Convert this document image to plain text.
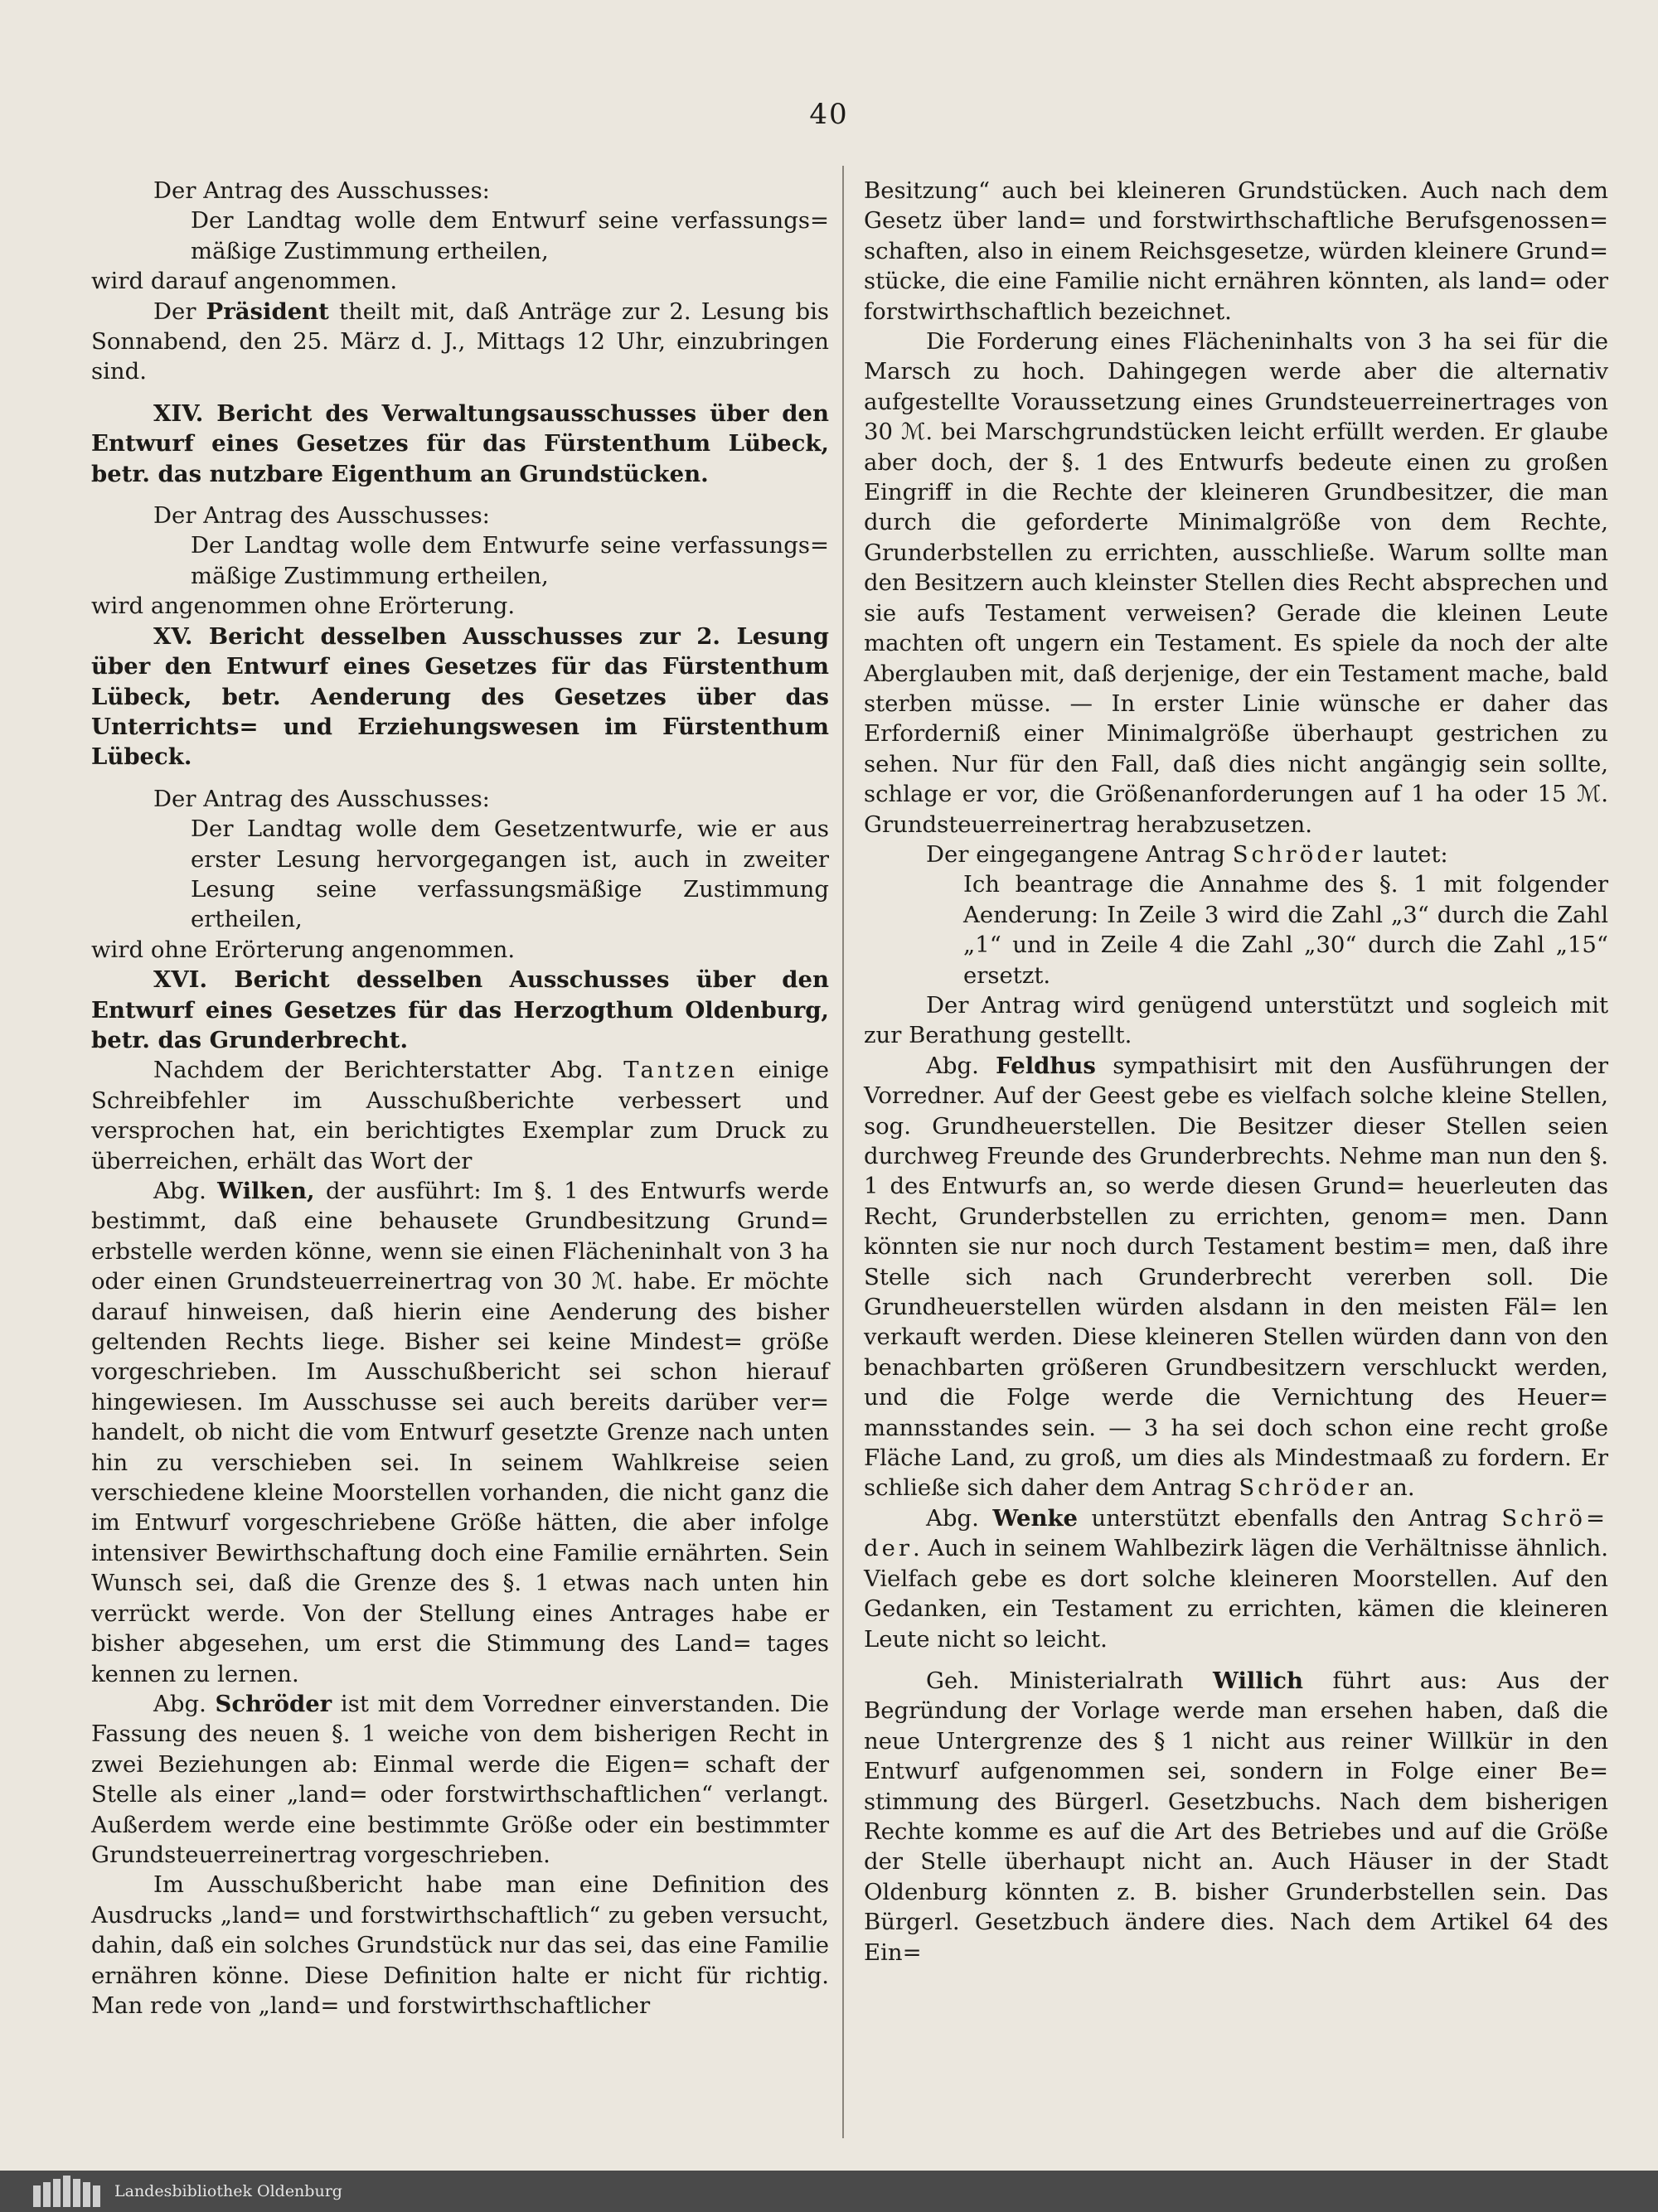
40

Der Antrag des Ausschusses:

Der Landtag wolle dem Entwurf seine verfassungs= mäßige Zustimmung ertheilen,

wird darauf angenommen.

Der Präsident theilt mit, daß Anträge zur 2. Lesung bis Sonnabend, den 25. März d. J., Mittags 12 Uhr, einzubringen sind.

XIV. Bericht des Verwaltungsausschusses über den Entwurf eines Gesetzes für das Fürstenthum Lübeck, betr. das nutzbare Eigenthum an Grundstücken.

Der Antrag des Ausschusses:

Der Landtag wolle dem Entwurfe seine verfassungs= mäßige Zustimmung ertheilen,

wird angenommen ohne Erörterung.

XV. Bericht desselben Ausschusses zur 2. Lesung über den Entwurf eines Gesetzes für das Fürstenthum Lübeck, betr. Aenderung des Gesetzes über das Unterrichts= und Erziehungswesen im Fürstenthum Lübeck.

Der Antrag des Ausschusses:

Der Landtag wolle dem Gesetzentwurfe, wie er aus erster Lesung hervorgegangen ist, auch in zweiter Lesung seine verfassungsmäßige Zustimmung ertheilen,

wird ohne Erörterung angenommen.

XVI. Bericht desselben Ausschusses über den Entwurf eines Gesetzes für das Herzogthum Oldenburg, betr. das Grunderbrecht.

Nachdem der Berichterstatter Abg. Tantzen einige Schreibfehler im Ausschußberichte verbessert und versprochen hat, ein berichtigtes Exemplar zum Druck zu überreichen, erhält das Wort der

Abg. Wilken, der ausführt: Im §. 1 des Entwurfs werde bestimmt, daß eine behausete Grundbesitzung Grund= erbstelle werden könne, wenn sie einen Flächeninhalt von 3 ha oder einen Grundsteuerreinertrag von 30 ℳ. habe. Er möchte darauf hinweisen, daß hierin eine Aenderung des bisher geltenden Rechts liege. Bisher sei keine Mindest= größe vorgeschrieben. Im Ausschußbericht sei schon hierauf hingewiesen. Im Ausschusse sei auch bereits darüber ver= handelt, ob nicht die vom Entwurf gesetzte Grenze nach unten hin zu verschieben sei. In seinem Wahlkreise seien verschiedene kleine Moorstellen vorhanden, die nicht ganz die im Entwurf vorgeschriebene Größe hätten, die aber infolge intensiver Bewirthschaftung doch eine Familie ernährten. Sein Wunsch sei, daß die Grenze des §. 1 etwas nach unten hin verrückt werde. Von der Stellung eines Antrages habe er bisher abgesehen, um erst die Stimmung des Land= tages kennen zu lernen.

Abg. Schröder ist mit dem Vorredner einverstanden. Die Fassung des neuen §. 1 weiche von dem bisherigen Recht in zwei Beziehungen ab: Einmal werde die Eigen= schaft der Stelle als einer „land= oder forstwirthschaftlichen“ verlangt. Außerdem werde eine bestimmte Größe oder ein bestimmter Grundsteuerreinertrag vorgeschrieben.

Im Ausschußbericht habe man eine Definition des Ausdrucks „land= und forstwirthschaftlich“ zu geben versucht, dahin, daß ein solches Grundstück nur das sei, das eine Familie ernähren könne. Diese Definition halte er nicht für richtig. Man rede von „land= und forstwirthschaftlicher

Besitzung“ auch bei kleineren Grundstücken. Auch nach dem Gesetz über land= und forstwirthschaftliche Berufsgenossen= schaften, also in einem Reichsgesetze, würden kleinere Grund= stücke, die eine Familie nicht ernähren könnten, als land= oder forstwirthschaftlich bezeichnet.

Die Forderung eines Flächeninhalts von 3 ha sei für die Marsch zu hoch. Dahingegen werde aber die alternativ aufgestellte Voraussetzung eines Grundsteuerreinertrages von 30 ℳ. bei Marschgrundstücken leicht erfüllt werden. Er glaube aber doch, der §. 1 des Entwurfs bedeute einen zu großen Eingriff in die Rechte der kleineren Grundbesitzer, die man durch die geforderte Minimalgröße von dem Rechte, Grunderbstellen zu errichten, ausschließe. Warum sollte man den Besitzern auch kleinster Stellen dies Recht absprechen und sie aufs Testament verweisen? Gerade die kleinen Leute machten oft ungern ein Testament. Es spiele da noch der alte Aberglauben mit, daß derjenige, der ein Testament mache, bald sterben müsse. — In erster Linie wünsche er daher das Erforderniß einer Minimalgröße überhaupt gestrichen zu sehen. Nur für den Fall, daß dies nicht angängig sein sollte, schlage er vor, die Größenanforderungen auf 1 ha oder 15 ℳ. Grundsteuerreinertrag herabzusetzen.

Der eingegangene Antrag Schröder lautet:

Ich beantrage die Annahme des §. 1 mit folgender Aenderung: In Zeile 3 wird die Zahl „3“ durch die Zahl „1“ und in Zeile 4 die Zahl „30“ durch die Zahl „15“ ersetzt.

Der Antrag wird genügend unterstützt und sogleich mit zur Berathung gestellt.

Abg. Feldhus sympathisirt mit den Ausführungen der Vorredner. Auf der Geest gebe es vielfach solche kleine Stellen, sog. Grundheuerstellen. Die Besitzer dieser Stellen seien durchweg Freunde des Grunderbrechts. Nehme man nun den §. 1 des Entwurfs an, so werde diesen Grund= heuerleuten das Recht, Grunderbstellen zu errichten, genom= men. Dann könnten sie nur noch durch Testament bestim= men, daß ihre Stelle sich nach Grunderbrecht vererben soll. Die Grundheuerstellen würden alsdann in den meisten Fäl= len verkauft werden. Diese kleineren Stellen würden dann von den benachbarten größeren Grundbesitzern verschluckt werden, und die Folge werde die Vernichtung des Heuer= mannsstandes sein. — 3 ha sei doch schon eine recht große Fläche Land, zu groß, um dies als Mindestmaaß zu fordern. Er schließe sich daher dem Antrag Schröder an.

Abg. Wenke unterstützt ebenfalls den Antrag Schrö= der. Auch in seinem Wahlbezirk lägen die Verhältnisse ähnlich. Vielfach gebe es dort solche kleineren Moorstellen. Auf den Gedanken, ein Testament zu errichten, kämen die kleineren Leute nicht so leicht.

Geh. Ministerialrath Willich führt aus: Aus der Begründung der Vorlage werde man ersehen haben, daß die neue Untergrenze des § 1 nicht aus reiner Willkür in den Entwurf aufgenommen sei, sondern in Folge einer Be= stimmung des Bürgerl. Gesetzbuchs. Nach dem bisherigen Rechte komme es auf die Art des Betriebes und auf die Größe der Stelle überhaupt nicht an. Auch Häuser in der Stadt Oldenburg könnten z. B. bisher Grunderbstellen sein. Das Bürgerl. Gesetzbuch ändere dies. Nach dem Artikel 64 des Ein=

Landesbibliothek Oldenburg
